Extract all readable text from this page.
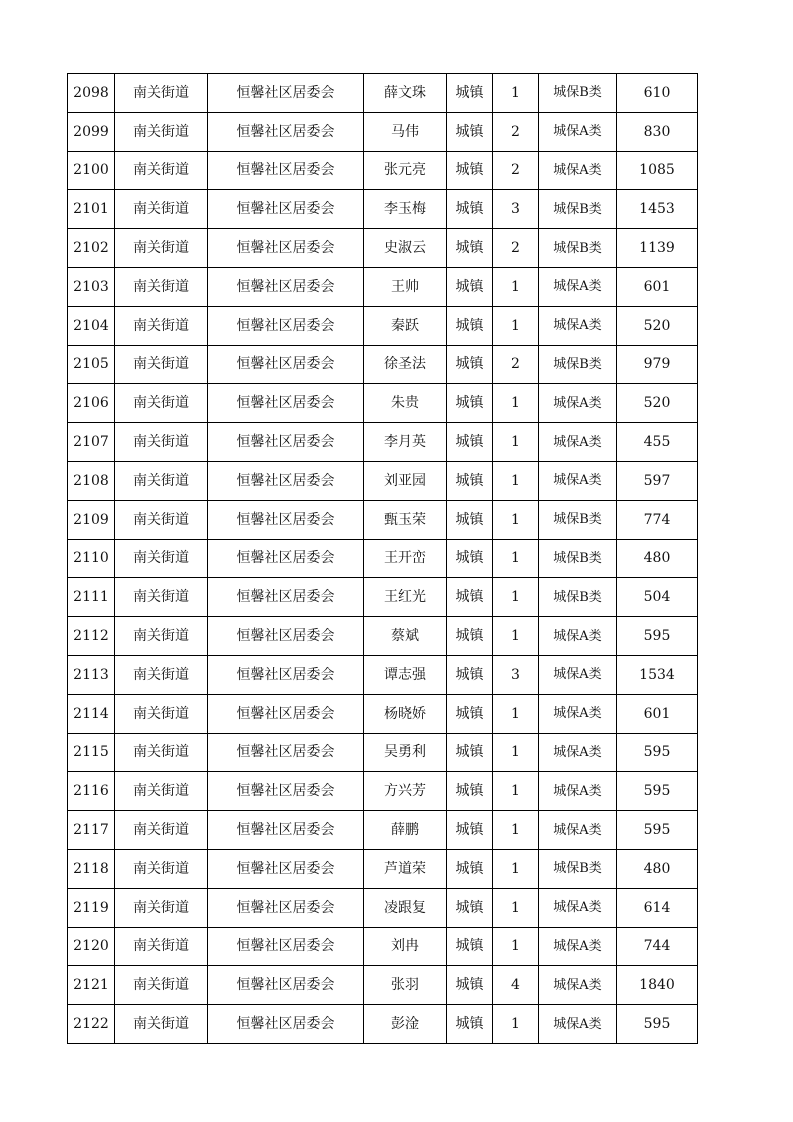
2098	南关街道	恒馨社区居委会	薛文珠	城镇	1	城保B类	610
2099	南关街道	恒馨社区居委会	马伟	城镇	2	城保A类	830
2100	南关街道	恒馨社区居委会	张元亮	城镇	2	城保A类	1085
2101	南关街道	恒馨社区居委会	李玉梅	城镇	3	城保B类	1453
2102	南关街道	恒馨社区居委会	史淑云	城镇	2	城保B类	1139
2103	南关街道	恒馨社区居委会	王帅	城镇	1	城保A类	601
2104	南关街道	恒馨社区居委会	秦跃	城镇	1	城保A类	520
2105	南关街道	恒馨社区居委会	徐圣法	城镇	2	城保B类	979
2106	南关街道	恒馨社区居委会	朱贵	城镇	1	城保A类	520
2107	南关街道	恒馨社区居委会	李月英	城镇	1	城保A类	455
2108	南关街道	恒馨社区居委会	刘亚园	城镇	1	城保A类	597
2109	南关街道	恒馨社区居委会	甄玉荣	城镇	1	城保B类	774
2110	南关街道	恒馨社区居委会	王开峦	城镇	1	城保B类	480
2111	南关街道	恒馨社区居委会	王红光	城镇	1	城保B类	504
2112	南关街道	恒馨社区居委会	蔡斌	城镇	1	城保A类	595
2113	南关街道	恒馨社区居委会	谭志强	城镇	3	城保A类	1534
2114	南关街道	恒馨社区居委会	杨晓娇	城镇	1	城保A类	601
2115	南关街道	恒馨社区居委会	吴勇利	城镇	1	城保A类	595
2116	南关街道	恒馨社区居委会	方兴芳	城镇	1	城保A类	595
2117	南关街道	恒馨社区居委会	薛鹏	城镇	1	城保A类	595
2118	南关街道	恒馨社区居委会	芦道荣	城镇	1	城保B类	480
2119	南关街道	恒馨社区居委会	凌跟复	城镇	1	城保A类	614
2120	南关街道	恒馨社区居委会	刘冉	城镇	1	城保A类	744
2121	南关街道	恒馨社区居委会	张羽	城镇	4	城保A类	1840
2122	南关街道	恒馨社区居委会	彭淦	城镇	1	城保A类	595
